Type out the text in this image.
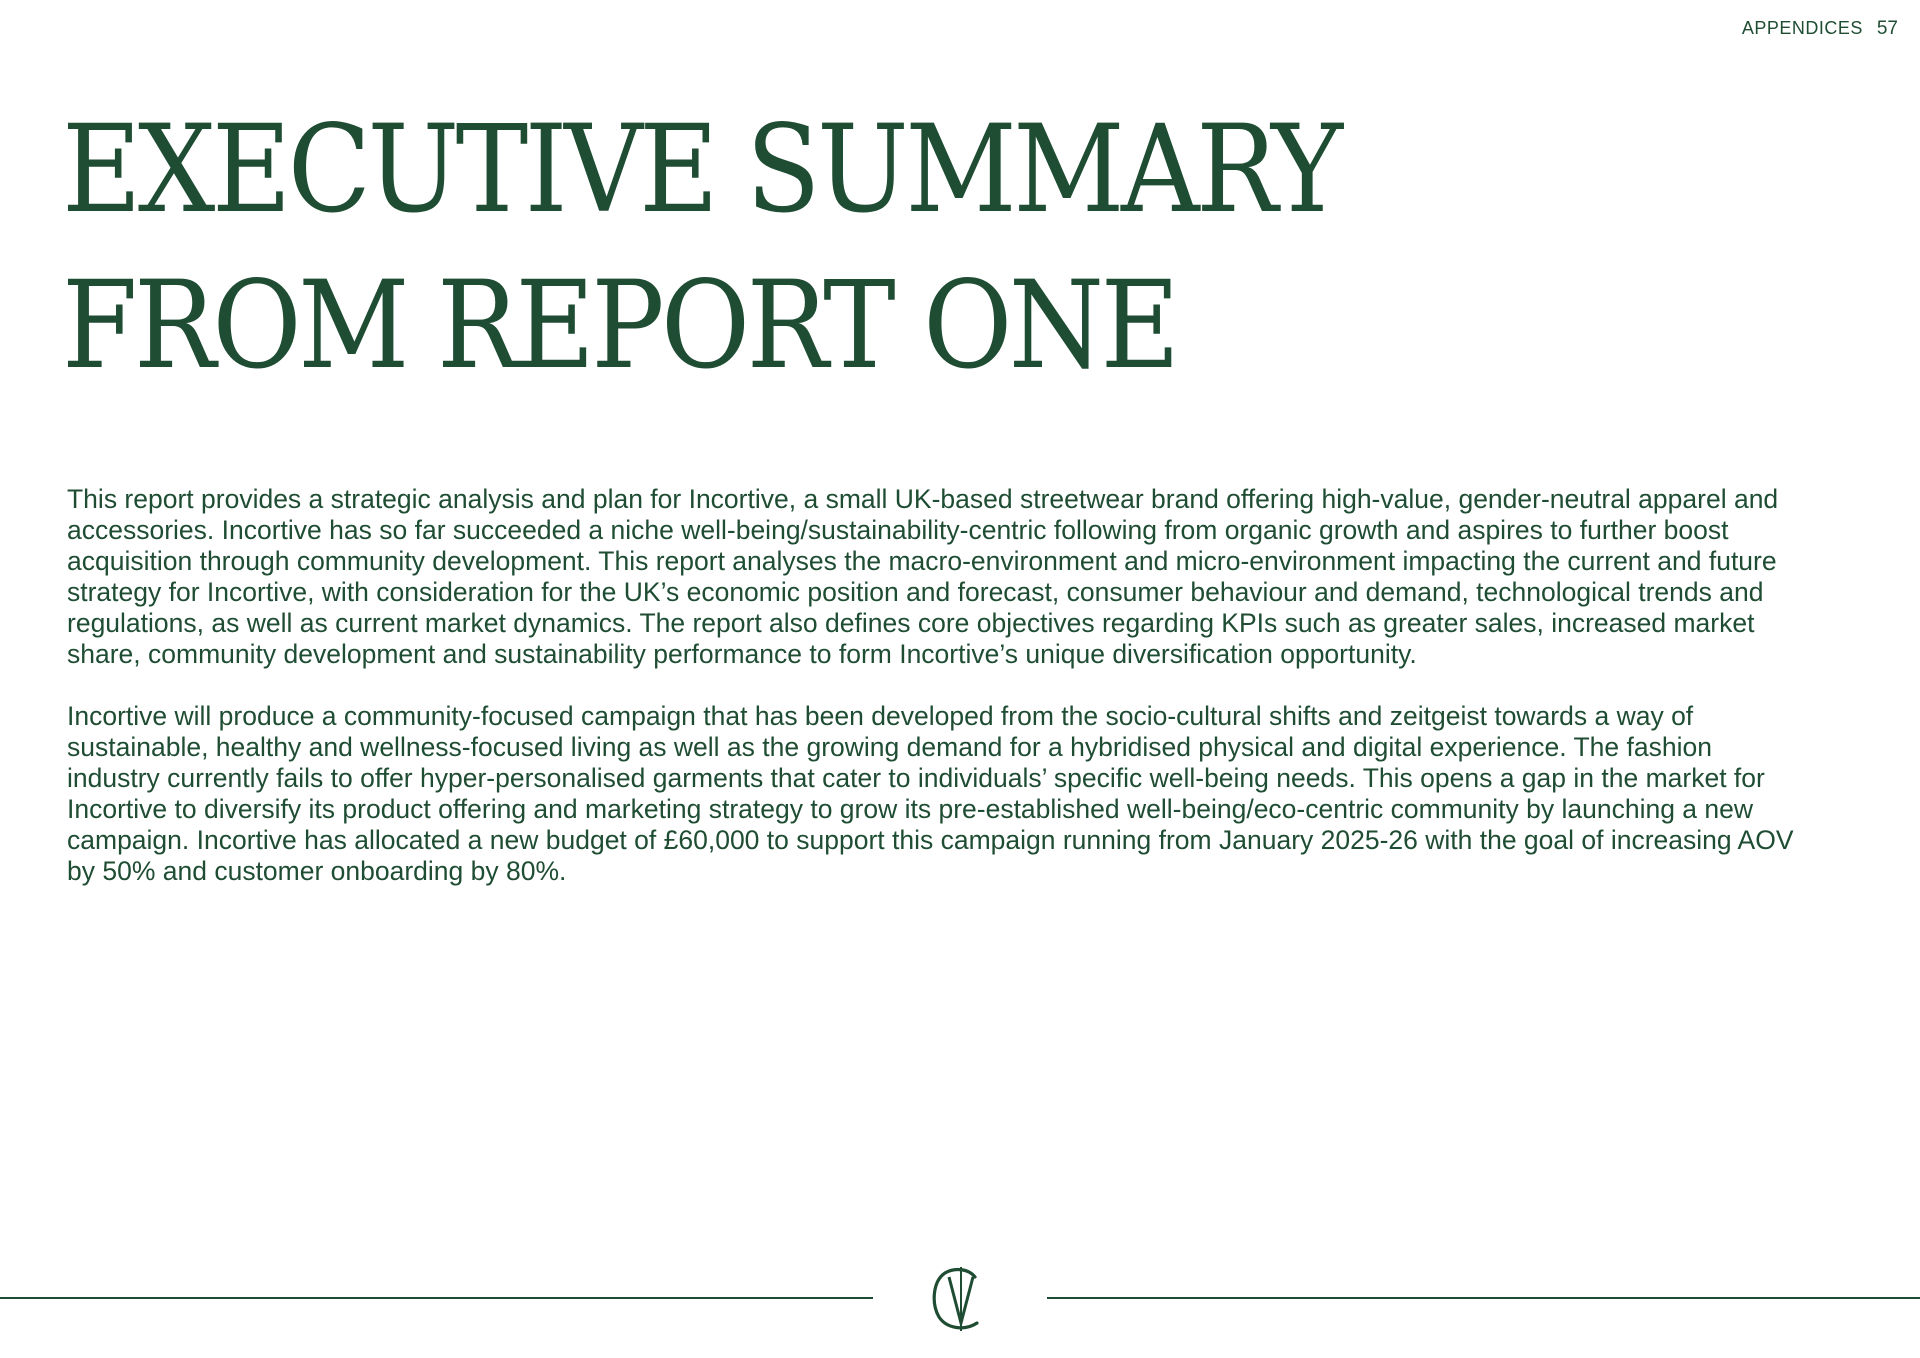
APPENDICES 57
EXECUTIVE SUMMARY FROM REPORT ONE

This report provides a strategic analysis and plan for Incortive, a small UK-based streetwear brand offering high-value, gender-neutral apparel and accessories. Incortive has so far succeeded a niche well-being/sustainability-centric following from organic growth and aspires to further boost acquisition through community development. This report analyses the macro-environment and micro-environment impacting the current and future strategy for Incortive, with consideration for the UK’s economic position and forecast, consumer behaviour and demand, technological trends and regulations, as well as current market dynamics. The report also defines core objectives regarding KPIs such as greater sales, increased market share, community development and sustainability performance to form Incortive’s unique diversification opportunity.

Incortive will produce a community-focused campaign that has been developed from the socio-cultural shifts and zeitgeist towards a way of sustainable, healthy and wellness-focused living as well as the growing demand for a hybridised physical and digital experience. The fashion industry currently fails to offer hyper-personalised garments that cater to individuals’ specific well-being needs. This opens a gap in the market for Incortive to diversify its product offering and marketing strategy to grow its pre-established well-being/eco-centric community by launching a new campaign. Incortive has allocated a new budget of £60,000 to support this campaign running from January 2025-26 with the goal of increasing AOV by 50% and customer onboarding by 80%.
